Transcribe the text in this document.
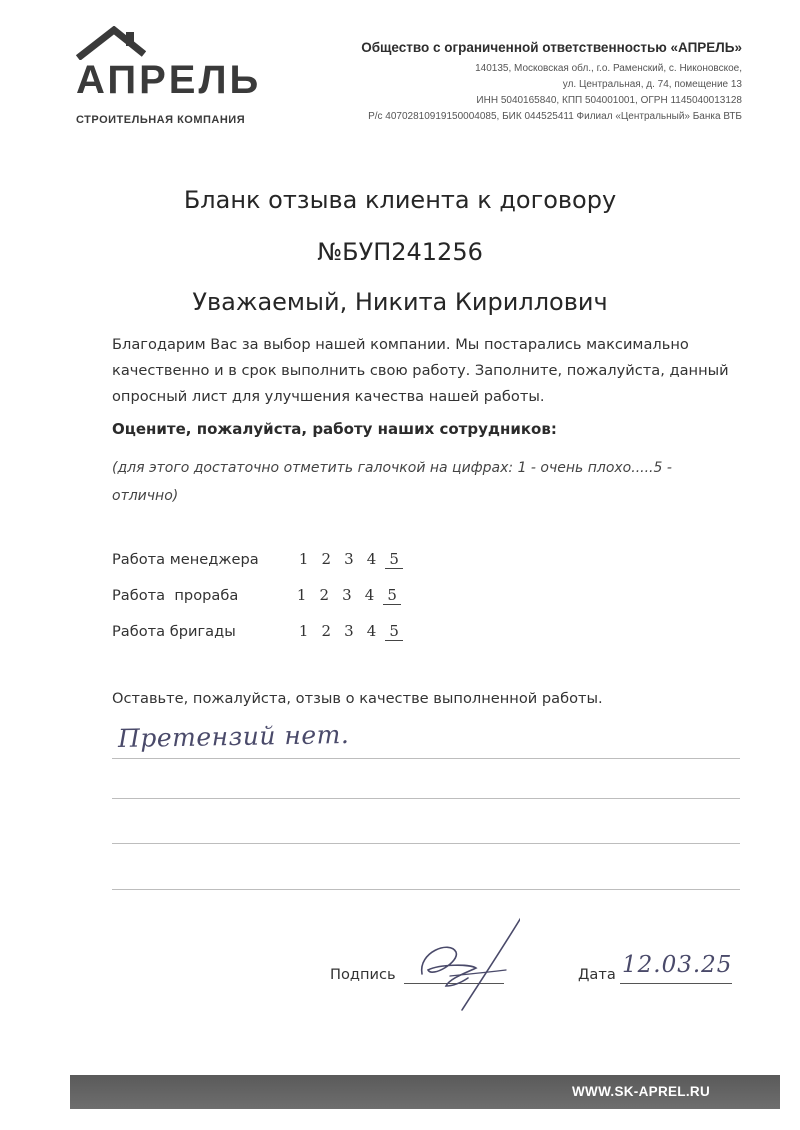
АПРЕЛЬ
СТРОИТЕЛЬНАЯ КОМПАНИЯ
Общество с ограниченной ответственностью «АПРЕЛЬ»
140135, Московская обл., г.о. Раменский, с. Никоновское,
ул. Центральная, д. 74, помещение 13
ИНН 5040165840, КПП 504001001, ОГРН 1145040013128
Р/с 40702810919150004085, БИК 044525411 Филиал «Центральный» Банка ВТБ
Бланк отзыва клиента к договору
№БУП241256
Уважаемый, Никита Кириллович
Благодарим Вас за выбор нашей компании. Мы постарались максимально качественно и в срок выполнить свою работу. Заполните, пожалуйста, данный опросный лист для улучшения качества нашей работы.
Оцените, пожалуйста, работу наших сотрудников:
(для этого достаточно отметить галочкой на цифрах: 1 - очень плохо.....5 - отлично)
Работа менеджера	1 2 3 4 5
Работа  прораба	1 2 3 4 5
Работа бригады	1 2 3 4 5
Оставьте, пожалуйста, отзыв о качестве выполненной работы.
Претензий нет.
Подпись	Дата 12.03.25
WWW.SK-APREL.RU
